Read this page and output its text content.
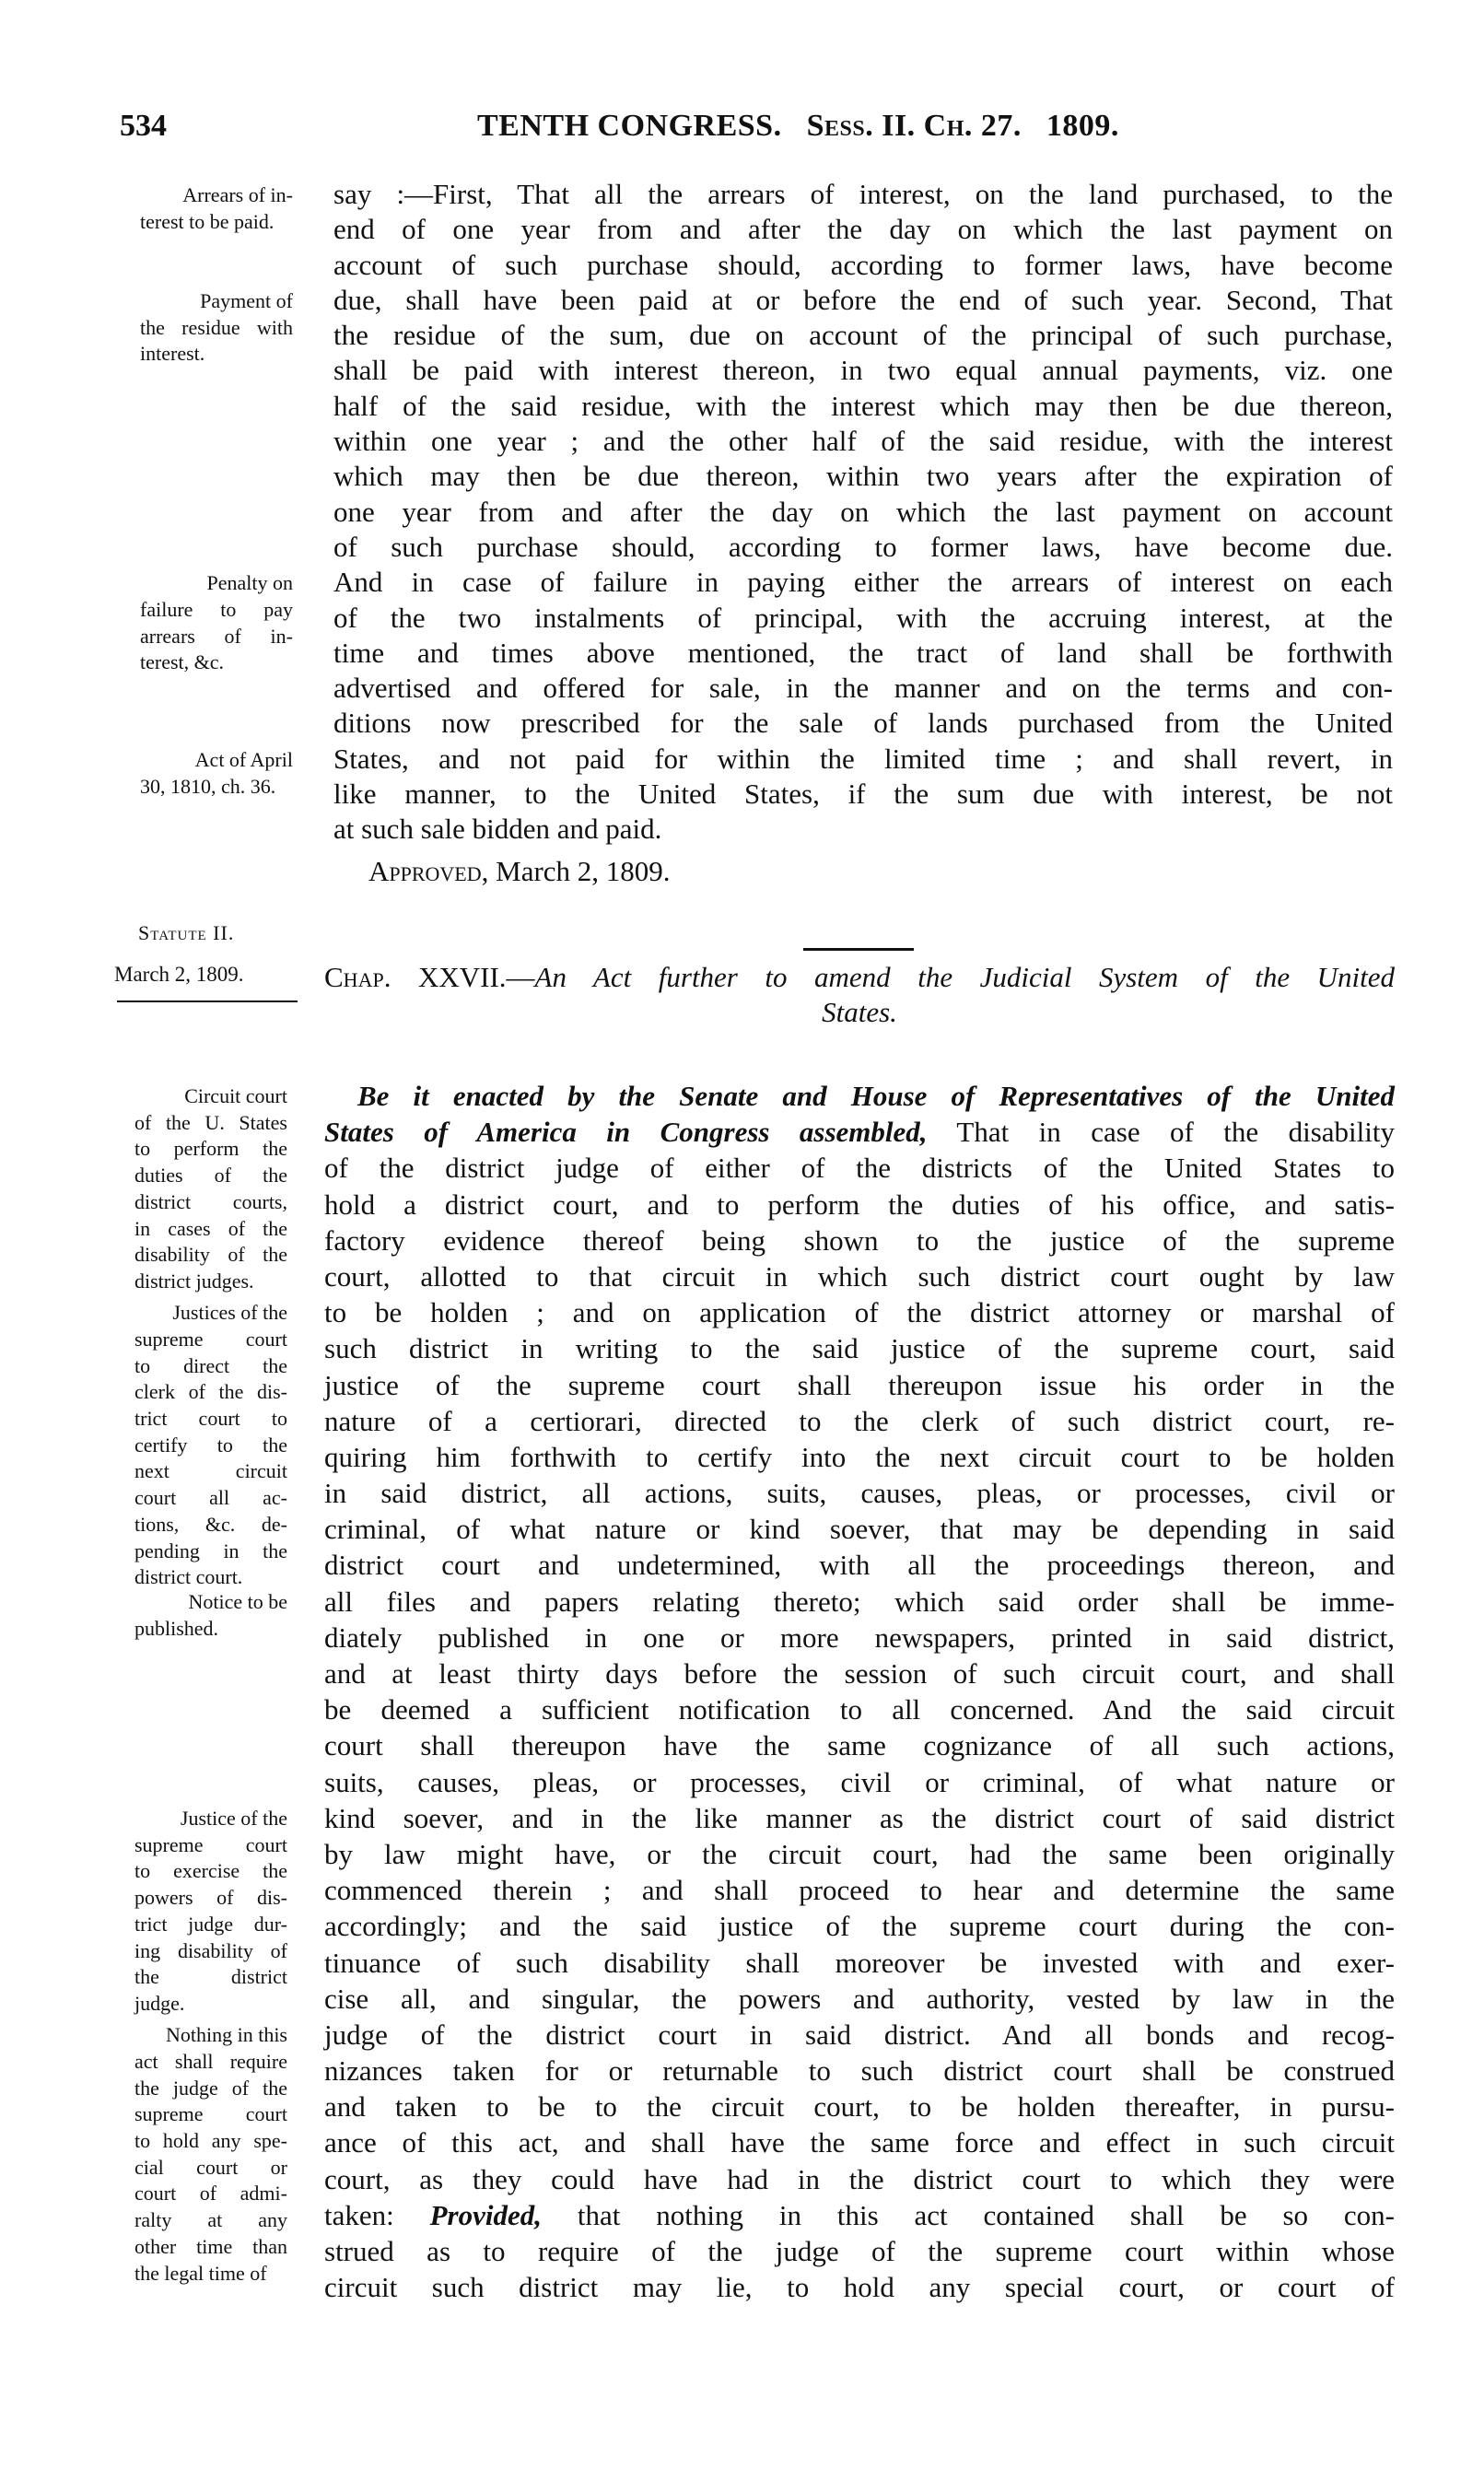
534	TENTH CONGRESS. Sess. II. Ch. 27. 1809.
say :—First, That all the arrears of interest, on the land purchased, to the
end of one year from and after the day on which the last payment on
account of such purchase should, according to former laws, have become
due, shall have been paid at or before the end of such year. Second, That
the residue of the sum, due on account of the principal of such purchase,
shall be paid with interest thereon, in two equal annual payments, viz. one
half of the said residue, with the interest which may then be due thereon,
within one year ; and the other half of the said residue, with the interest
which may then be due thereon, within two years after the expiration of
one year from and after the day on which the last payment on account
of such purchase should, according to former laws, have become due.
And in case of failure in paying either the arrears of interest on each
of the two instalments of principal, with the accruing interest, at the
time and times above mentioned, the tract of land shall be forthwith
advertised and offered for sale, in the manner and on the terms and con-
ditions now prescribed for the sale of lands purchased from the United
States, and not paid for within the limited time ; and shall revert, in
like manner, to the United States, if the sum due with interest, be not
at such sale bidden and paid.
Arrears of in-
terest to be paid.
Payment of
the residue with
interest.
Penalty on
failure to pay
arrears of in-
terest, &c.
Act of April
30, 1810, ch. 36.
Approved, March 2, 1809.
Statute II.
March 2, 1809.	Chap. XXVII.—An Act further to amend the Judicial System of the United
States.
Be it enacted by the Senate and House of Representatives of the United
States of America in Congress assembled, That in case of the disability
of the district judge of either of the districts of the United States to
hold a district court, and to perform the duties of his office, and satis-
factory evidence thereof being shown to the justice of the supreme
court, allotted to that circuit in which such district court ought by law
to be holden ; and on application of the district attorney or marshal of
such district in writing to the said justice of the supreme court, said
justice of the supreme court shall thereupon issue his order in the
nature of a certiorari, directed to the clerk of such district court, re-
quiring him forthwith to certify into the next circuit court to be holden
in said district, all actions, suits, causes, pleas, or processes, civil or
criminal, of what nature or kind soever, that may be depending in said
district court and undetermined, with all the proceedings thereon, and
all files and papers relating thereto; which said order shall be imme-
diately published in one or more newspapers, printed in said district,
and at least thirty days before the session of such circuit court, and shall
be deemed a sufficient notification to all concerned. And the said circuit
court shall thereupon have the same cognizance of all such actions,
suits, causes, pleas, or processes, civil or criminal, of what nature or
kind soever, and in the like manner as the district court of said district
by law might have, or the circuit court, had the same been originally
commenced therein ; and shall proceed to hear and determine the same
accordingly; and the said justice of the supreme court during the con-
tinuance of such disability shall moreover be invested with and exer-
cise all, and singular, the powers and authority, vested by law in the
judge of the district court in said district. And all bonds and recog-
nizances taken for or returnable to such district court shall be construed
and taken to be to the circuit court, to be holden thereafter, in pursu-
ance of this act, and shall have the same force and effect in such circuit
court, as they could have had in the district court to which they were
taken: Provided, that nothing in this act contained shall be so con-
strued as to require of the judge of the supreme court within whose
circuit such district may lie, to hold any special court, or court of
Circuit court
of the U. States
to perform the
duties of the
district courts,
in cases of the
disability of the
district judges.
Justices of the
supreme court
to direct the
clerk of the dis-
trict court to
certify to the
next circuit
court all ac-
tions, &c. de-
pending in the
district court.
Notice to be
published.
Justice of the
supreme court
to exercise the
powers of dis-
trict judge dur-
ing disability of
the district
judge.
Nothing in this
act shall require
the judge of the
supreme court
to hold any spe-
cial court or
court of admi-
ralty at any
other time than
the legal time of
